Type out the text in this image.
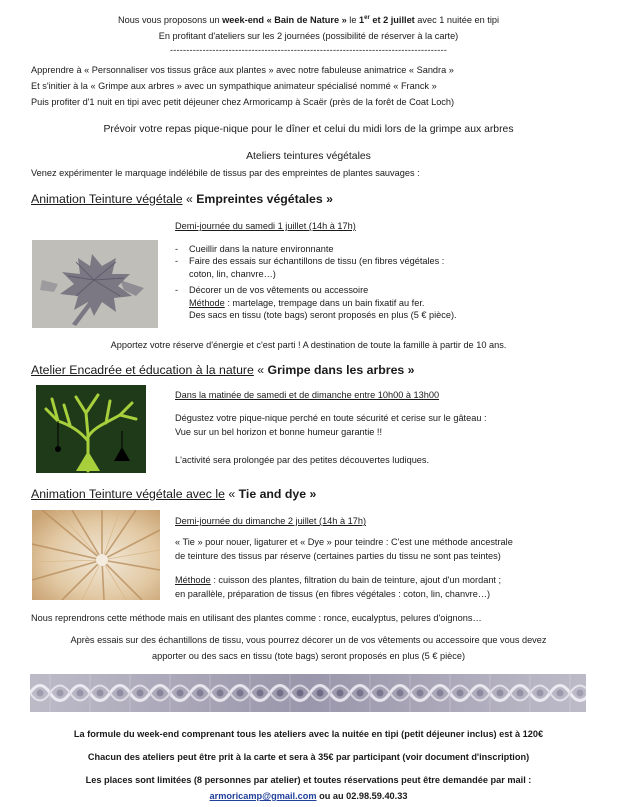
Nous vous proposons un week-end « Bain de Nature » le 1er et 2 juillet avec 1 nuitée en tipi
En profitant d'ateliers sur les 2 journées (possibilité de réserver à la carte)
-------------------------------------------------------------------------------------
Apprendre à « Personnaliser vos tissus grâce aux plantes » avec notre fabuleuse animatrice « Sandra »
Et s'initier à la « Grimpe aux arbres » avec un sympathique animateur spécialisé nommé « Franck »
Puis profiter d'1 nuit en tipi avec petit déjeuner chez Armoricamp à Scaër (près de la forêt de Coat Loch)
Prévoir votre repas pique-nique pour le dîner et celui du midi lors de la grimpe aux arbres
Ateliers teintures végétales
Venez expérimenter le marquage indélébile de tissus par des empreintes de plantes sauvages :
Animation Teinture végétale « Empreintes végétales »
Demi-journée du samedi 1 juillet (14h à 17h)
- Cueillir dans la nature environnante
- Faire des essais sur échantillons de tissu (en fibres végétales :
coton, lin, chanvre…)
- Décorer un de vos vêtements ou accessoire
Méthode : martelage, trempage dans un bain fixatif au fer.
Des sacs en tissu (tote bags) seront proposés en plus (5 € pièce).
Apportez votre réserve d'énergie et c'est parti ! A destination de toute la famille à partir de 10 ans.
Atelier Encadrée et éducation à la nature « Grimpe dans les arbres »
Dans la matinée de samedi et de dimanche entre 10h00 à 13h00
Dégustez votre pique-nique perché en toute sécurité et cerise sur le gâteau :
Vue sur un bel horizon et bonne humeur garantie !!
L'activité sera prolongée par des petites découvertes ludiques.
Animation Teinture végétale avec le « Tie and dye »
Demi-journée du dimanche 2 juillet (14h à 17h)
« Tie » pour nouer, ligaturer et « Dye » pour teindre : C'est une méthode ancestrale
de teinture des tissus par réserve (certaines parties du tissu ne sont pas teintes)
Méthode : cuisson des plantes, filtration du bain de teinture, ajout d'un mordant ;
en parallèle, préparation de tissus (en fibres végétales : coton, lin, chanvre…)
Nous reprendrons cette méthode mais en utilisant des plantes comme : ronce, eucalyptus, pelures d'oignons…
Après essais sur des échantillons de tissu, vous pourrez décorer un de vos vêtements ou accessoire que vous devez
apporter ou des sacs en tissu (tote bags) seront proposés en plus (5 € pièce)
La formule du week-end comprenant tous les ateliers avec la nuitée en tipi (petit déjeuner inclus) est à 120€
Chacun des ateliers peut être prit à la carte et sera à 35€ par participant (voir document d'inscription)
Les places sont limitées (8 personnes par atelier) et toutes réservations peut être demandée par mail :
armoricamp@gmail.com ou au 02.98.59.40.33
